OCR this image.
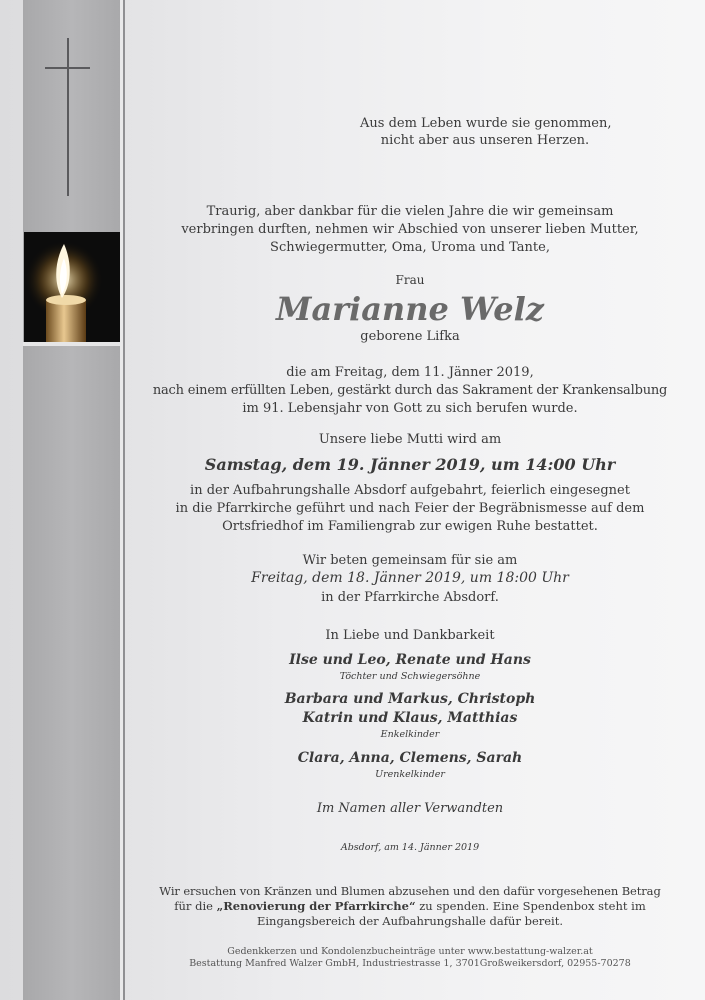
Aus dem Leben wurde sie genommen,
nicht aber aus unseren Herzen.
Traurig, aber dankbar für die vielen Jahre die wir gemeinsam
verbringen durften, nehmen wir Abschied von unserer lieben Mutter,
Schwiegermutter, Oma, Uroma und Tante,
Frau
Marianne Welz
geborene Lifka
die am Freitag, dem 11. Jänner 2019,
nach einem erfüllten Leben, gestärkt durch das Sakrament der Krankensalbung
im 91. Lebensjahr von Gott zu sich berufen wurde.
Unsere liebe Mutti wird am
Samstag, dem 19. Jänner 2019, um 14:00 Uhr
in der Aufbahrungshalle Absdorf aufgebahrt, feierlich eingesegnet
in die Pfarrkirche geführt und nach Feier der Begräbnismesse auf dem
Ortsfriedhof im Familiengrab zur ewigen Ruhe bestattet.
Wir beten gemeinsam für sie am
Freitag, dem 18. Jänner 2019, um 18:00 Uhr
in der Pfarrkirche Absdorf.
In Liebe und Dankbarkeit
Ilse und Leo, Renate und Hans
Töchter und Schwiegersöhne
Barbara und Markus, Christoph
Katrin und Klaus, Matthias
Enkelkinder
Clara, Anna, Clemens, Sarah
Urenkelkinder
Im Namen aller Verwandten
Absdorf, am 14. Jänner 2019
Wir ersuchen von Kränzen und Blumen abzusehen und den dafür vorgesehenen Betrag
für die „Renovierung der Pfarrkirche“ zu spenden. Eine Spendenbox steht im
Eingangsbereich der Aufbahrungshalle dafür bereit.
Gedenkkerzen und Kondolenzbucheinträge unter www.bestattung-walzer.at
Bestattung Manfred Walzer GmbH, Industriestrasse 1, 3701Großweikersdorf, 02955-70278
